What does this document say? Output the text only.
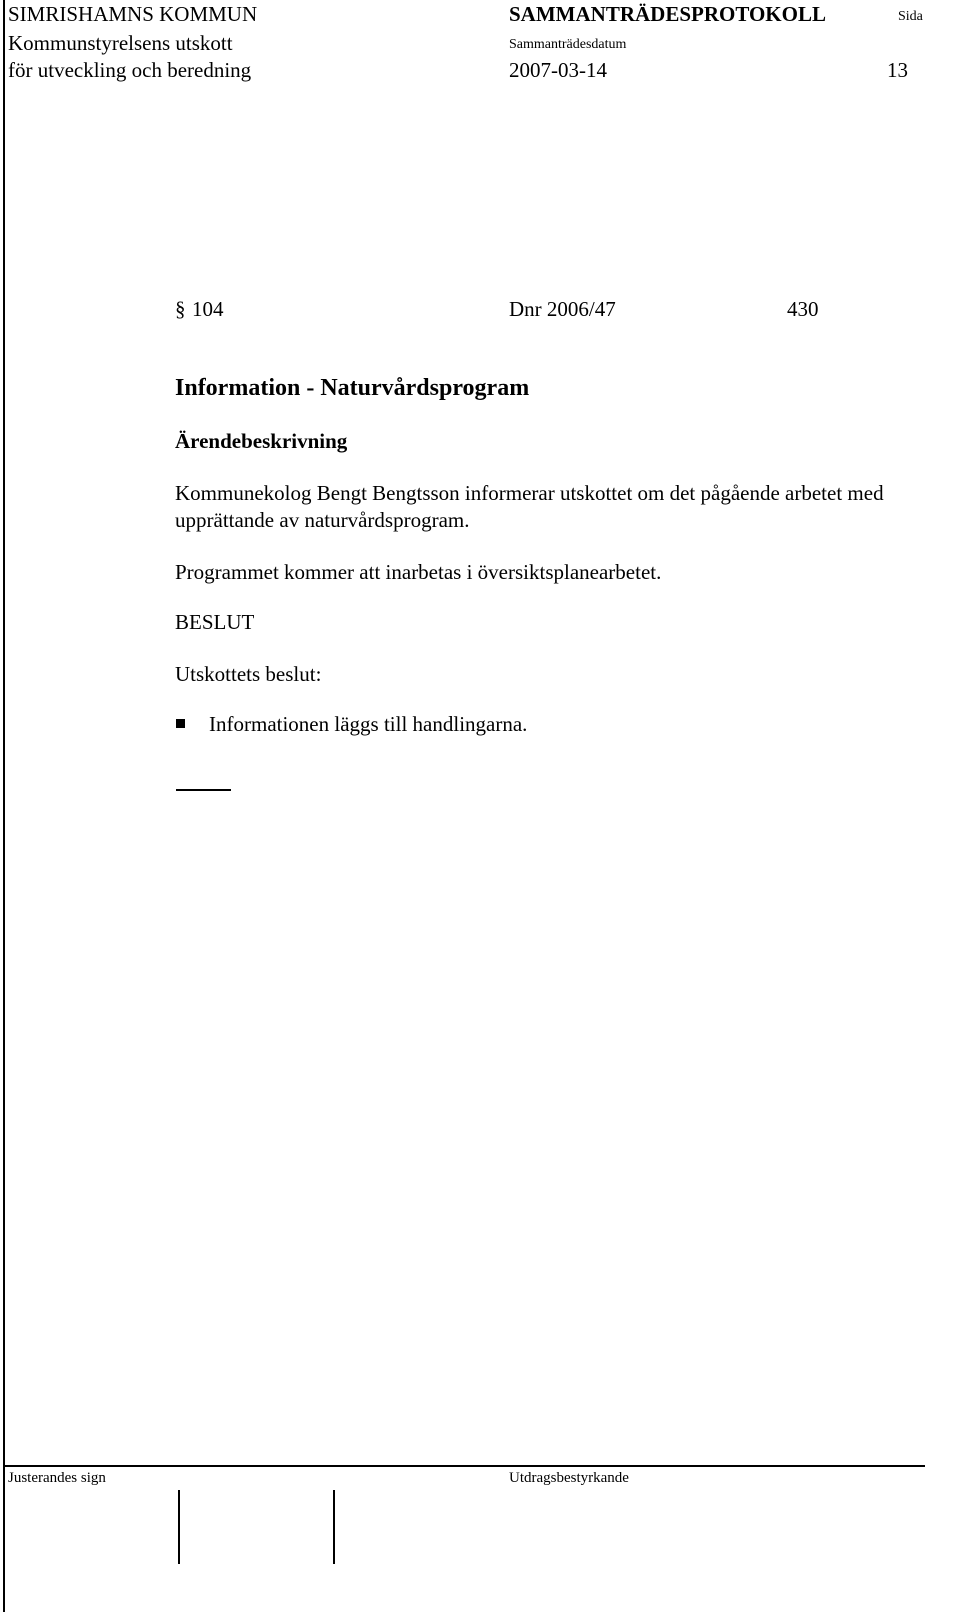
SIMRISHAMNS KOMMUN	SAMMANTRÄDESPROTOKOLL	Sida
Kommunstyrelsens utskott	Sammanträdesdatum
för utveckling och beredning	2007-03-14	13
§ 104	Dnr 2006/47	430
Information - Naturvårdsprogram
Ärendebeskrivning
Kommunekolog Bengt Bengtsson informerar utskottet om det pågående arbetet med upprättande av naturvårdsprogram.
Programmet kommer att inarbetas i översiktsplanearbetet.
BESLUT
Utskottets beslut:
Informationen läggs till handlingarna.
Justerandes sign	Utdragsbestyrkande
